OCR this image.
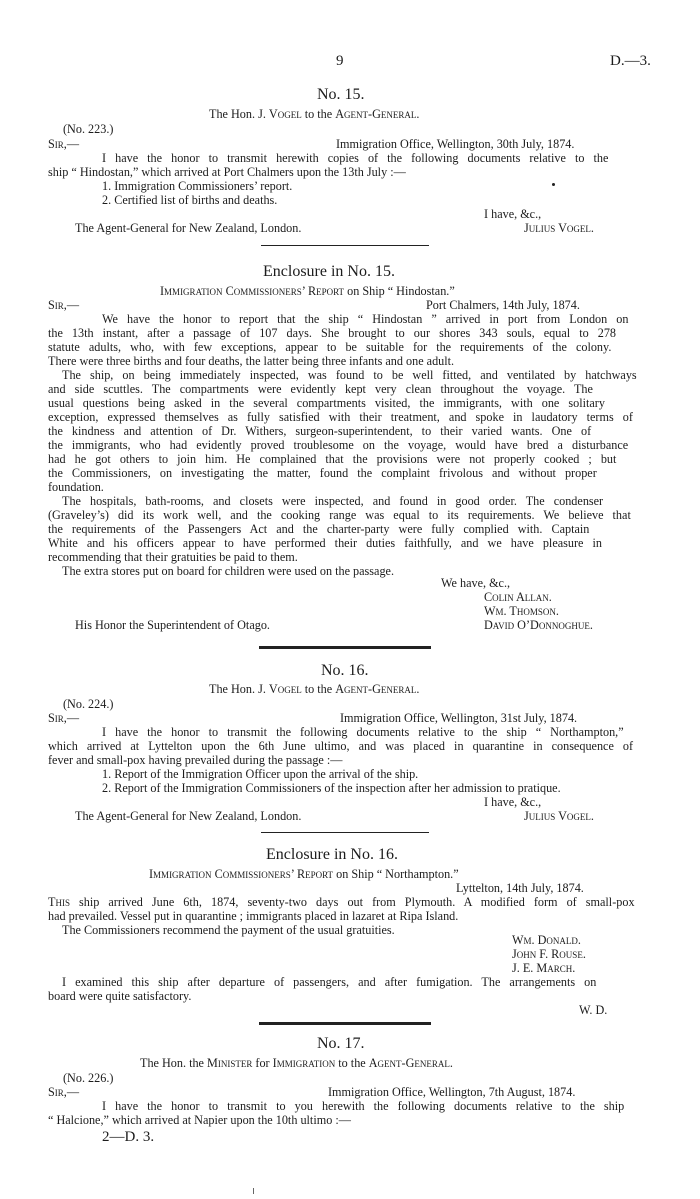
9	D.—3.
No. 15.
The Hon. J. Vogel to the Agent-General.
(No. 223.)
Sir,—	Immigration Office, Wellington, 30th July, 1874.
I have the honor to transmit herewith copies of the following documents relative to the
ship “ Hindostan,” which arrived at Port Chalmers upon the 13th July :—
1. Immigration Commissioners’ report.
2. Certified list of births and deaths.
I have, &c.,
The Agent-General for New Zealand, London.	Julius Vogel.
Enclosure in No. 15.
Immigration Commissioners’ Report on Ship “ Hindostan.”
Sir,—	Port Chalmers, 14th July, 1874.
We have the honor to report that the ship “ Hindostan ” arrived in port from London on
the 13th instant, after a passage of 107 days. She brought to our shores 343 souls, equal to 278
statute adults, who, with few exceptions, appear to be suitable for the requirements of the colony.
There were three births and four deaths, the latter being three infants and one adult.
The ship, on being immediately inspected, was found to be well fitted, and ventilated by hatchways
and side scuttles. The compartments were evidently kept very clean throughout the voyage. The
usual questions being asked in the several compartments visited, the immigrants, with one solitary
exception, expressed themselves as fully satisfied with their treatment, and spoke in laudatory terms of
the kindness and attention of Dr. Withers, surgeon-superintendent, to their varied wants. One of
the immigrants, who had evidently proved troublesome on the voyage, would have bred a disturbance
had he got others to join him. He complained that the provisions were not properly cooked ; but
the Commissioners, on investigating the matter, found the complaint frivolous and without proper
foundation.
The hospitals, bath-rooms, and closets were inspected, and found in good order. The condenser
(Graveley’s) did its work well, and the cooking range was equal to its requirements. We believe that
the requirements of the Passengers Act and the charter-party were fully complied with. Captain
White and his officers appear to have performed their duties faithfully, and we have pleasure in
recommending that their gratuities be paid to them.
The extra stores put on board for children were used on the passage.
We have, &c.,
Colin Allan.
Wm. Thomson.
David O’Donnoghue.
His Honor the Superintendent of Otago.
No. 16.
The Hon. J. Vogel to the Agent-General.
(No. 224.)
Sir,—	Immigration Office, Wellington, 31st July, 1874.
I have the honor to transmit the following documents relative to the ship “ Northampton,”
which arrived at Lyttelton upon the 6th June ultimo, and was placed in quarantine in consequence of
fever and small-pox having prevailed during the passage :—
1. Report of the Immigration Officer upon the arrival of the ship.
2. Report of the Immigration Commissioners of the inspection after her admission to pratique.
I have, &c.,
The Agent-General for New Zealand, London.	Julius Vogel.
Enclosure in No. 16.
Immigration Commissioners’ Report on Ship “ Northampton.”
Lyttelton, 14th July, 1874.
This ship arrived June 6th, 1874, seventy-two days out from Plymouth. A modified form of small-pox
had prevailed. Vessel put in quarantine ; immigrants placed in lazaret at Ripa Island.
The Commissioners recommend the payment of the usual gratuities.
Wm. Donald.
John F. Rouse.
J. E. March.
I examined this ship after departure of passengers, and after fumigation. The arrangements on
board were quite satisfactory.
W. D.
No. 17.
The Hon. the Minister for Immigration to the Agent-General.
(No. 226.)
Sir,—	Immigration Office, Wellington, 7th August, 1874.
I have the honor to transmit to you herewith the following documents relative to the ship
“ Halcione,” which arrived at Napier upon the 10th ultimo :—
2—D. 3.
